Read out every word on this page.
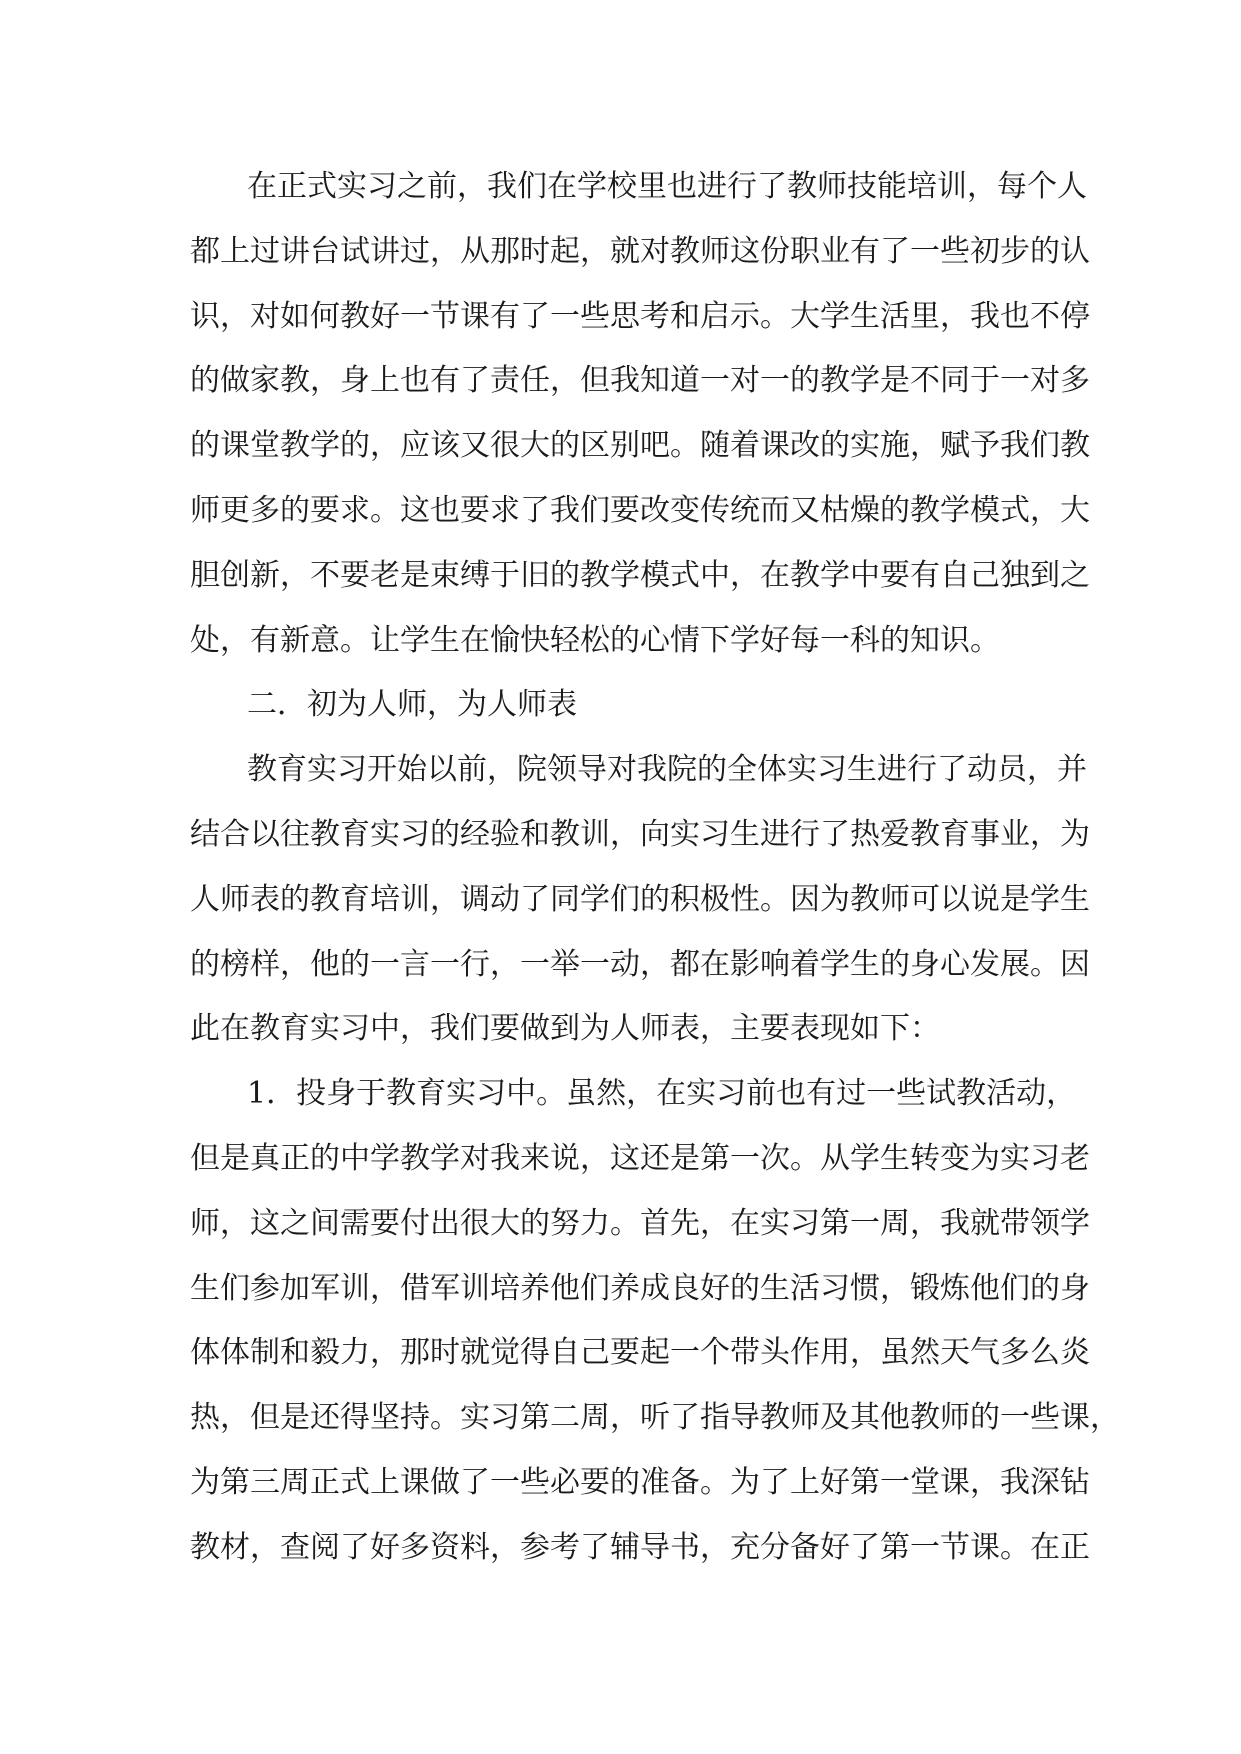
在正式实习之前，我们在学校里也进行了教师技能培训，每个人
都上过讲台试讲过，从那时起，就对教师这份职业有了一些初步的认
识，对如何教好一节课有了一些思考和启示。大学生活里，我也不停
的做家教，身上也有了责任，但我知道一对一的教学是不同于一对多
的课堂教学的，应该又很大的区别吧。随着课改的实施，赋予我们教
师更多的要求。这也要求了我们要改变传统而又枯燥的教学模式，大
胆创新，不要老是束缚于旧的教学模式中，在教学中要有自己独到之
处，有新意。让学生在愉快轻松的心情下学好每一科的知识。
二．初为人师，为人师表
教育实习开始以前，院领导对我院的全体实习生进行了动员，并
结合以往教育实习的经验和教训，向实习生进行了热爱教育事业，为
人师表的教育培训，调动了同学们的积极性。因为教师可以说是学生
的榜样，他的一言一行，一举一动，都在影响着学生的身心发展。因
此在教育实习中，我们要做到为人师表，主要表现如下：
1．投身于教育实习中。虽然，在实习前也有过一些试教活动，
但是真正的中学教学对我来说，这还是第一次。从学生转变为实习老
师，这之间需要付出很大的努力。首先，在实习第一周，我就带领学
生们参加军训，借军训培养他们养成良好的生活习惯，锻炼他们的身
体体制和毅力，那时就觉得自己要起一个带头作用，虽然天气多么炎
热，但是还得坚持。实习第二周，听了指导教师及其他教师的一些课，
为第三周正式上课做了一些必要的准备。为了上好第一堂课，我深钻
教材，查阅了好多资料，参考了辅导书，充分备好了第一节课。在正
